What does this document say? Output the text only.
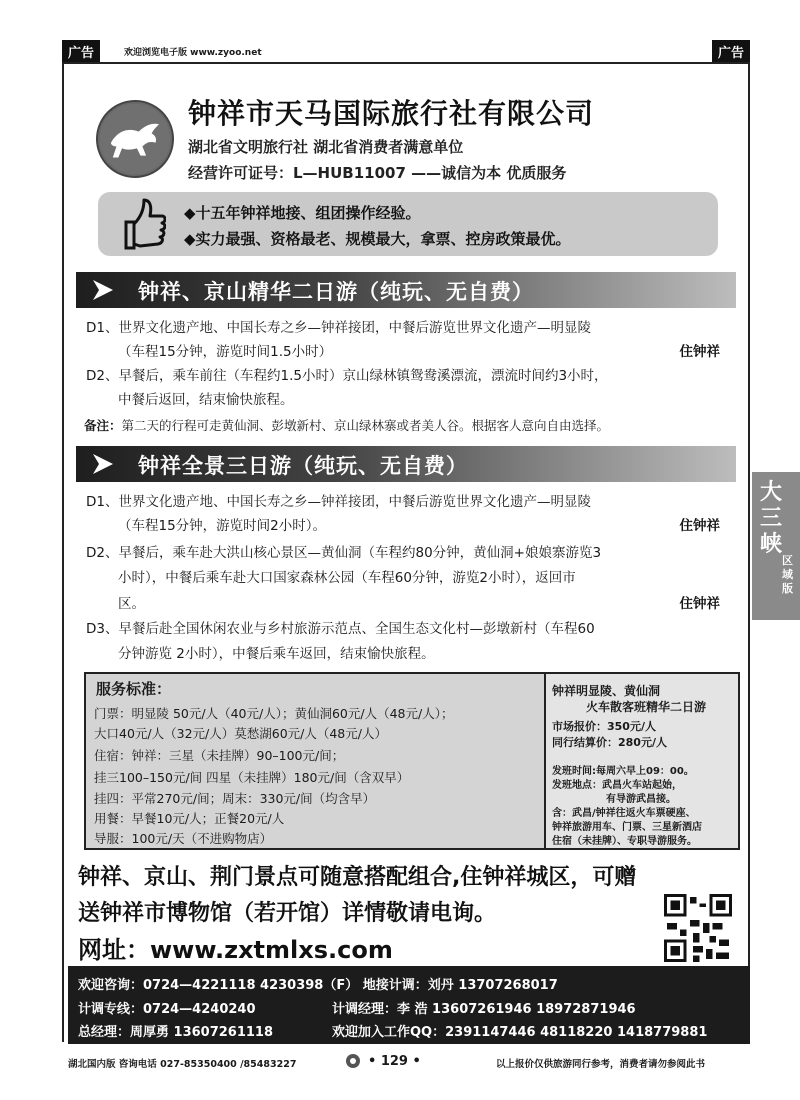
广告	欢迎浏览电子版 www.zyoo.net	广告
钟祥市天马国际旅行社有限公司
湖北省文明旅行社 湖北省消费者满意单位
经营许可证号：L—HUB11007 ——诚信为本 优质服务
◆十五年钟祥地接、组团操作经验。
◆实力最强、资格最老、规模最大，拿票、控房政策最优。
钟祥、京山精华二日游（纯玩、无自费）
D1、世界文化遗产地、中国长寿之乡—钟祥接团，中餐后游览世界文化遗产—明显陵
（车程15分钟，游览时间1.5小时）	住钟祥
D2、早餐后，乘车前往（车程约1.5小时）京山绿林镇鸳鸯溪漂流，漂流时间约3小时，
中餐后返回，结束愉快旅程。
备注：第二天的行程可走黄仙洞、彭墩新村、京山绿林寨或者美人谷。根据客人意向自由选择。
钟祥全景三日游（纯玩、无自费）
D1、世界文化遗产地、中国长寿之乡—钟祥接团，中餐后游览世界文化遗产—明显陵
（车程15分钟，游览时间2小时）。	住钟祥
D2、早餐后，乘车赴大洪山核心景区—黄仙洞（车程约80分钟，黄仙洞+娘娘寨游览3
小时），中餐后乘车赴大口国家森林公园（车程60分钟，游览2小时），返回市
区。	住钟祥
D3、早餐后赴全国休闲农业与乡村旅游示范点、全国生态文化村—彭墩新村（车程60
分钟游览 2小时），中餐后乘车返回，结束愉快旅程。
大三峡
区域版
服务标准：
门票：明显陵 50元/人（40元/人）；黄仙洞60元/人（48元/人）；
大口40元/人（32元/人）莫愁湖60元/人（48元/人）
住宿：钟祥：三星（未挂牌）90–100元/间；
挂三100–150元/间 四星（未挂牌）180元/间（含双早）
挂四：平常270元/间；周末：330元/间（均含早）
用餐：早餐10元/人；正餐20元/人
导服：100元/天（不进购物店）
钟祥明显陵、黄仙洞
火车散客班精华二日游
市场报价：350元/人
同行结算价：280元/人
发班时间:每周六早上09：00。
发班地点：武昌火车站起始，
有导游武昌接。
含：武昌/钟祥往返火车票硬座、
钟祥旅游用车、门票、三星新酒店
住宿（未挂牌）、专职导游服务。
钟祥、京山、荆门景点可随意搭配组合,住钟祥城区，可赠
送钟祥市博物馆（若开馆）详情敬请电询。
网址：www.zxtmlxs.com
欢迎咨询：0724—4221118 4230398（F） 地接计调：刘丹 13707268017
计调专线：0724—4240240	计调经理：李 浩 13607261946 18972871946
总经理：周厚勇 13607261118	欢迎加入工作QQ：2391147446 48118220 1418779881
湖北国内版 咨询电话 027-85350400 /85483227	• 129 •	以上报价仅供旅游同行参考，消费者请勿参阅此书
